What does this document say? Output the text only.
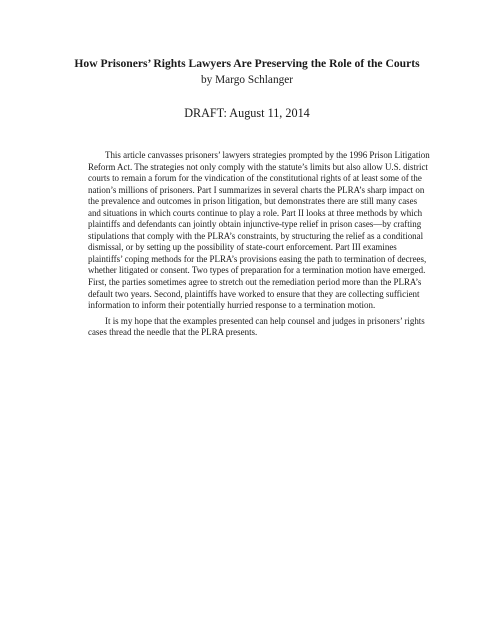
How Prisoners’ Rights Lawyers Are Preserving the Role of the Courts
by Margo Schlanger
DRAFT: August 11, 2014

This article canvasses prisoners’ lawyers strategies prompted by the 1996 Prison Litigation Reform Act. The strategies not only comply with the statute’s limits but also allow U.S. district courts to remain a forum for the vindication of the constitutional rights of at least some of the nation’s millions of prisoners. Part I summarizes in several charts the PLRA’s sharp impact on the prevalence and outcomes in prison litigation, but demonstrates there are still many cases and situations in which courts continue to play a role. Part II looks at three methods by which plaintiffs and defendants can jointly obtain injunctive-type relief in prison cases—by crafting stipulations that comply with the PLRA’s constraints, by structuring the relief as a conditional dismissal, or by setting up the possibility of state-court enforcement. Part III examines plaintiffs’ coping methods for the PLRA’s provisions easing the path to termination of decrees, whether litigated or consent. Two types of preparation for a termination motion have emerged. First, the parties sometimes agree to stretch out the remediation period more than the PLRA’s default two years. Second, plaintiffs have worked to ensure that they are collecting sufficient information to inform their potentially hurried response to a termination motion.

It is my hope that the examples presented can help counsel and judges in prisoners’ rights cases thread the needle that the PLRA presents.
